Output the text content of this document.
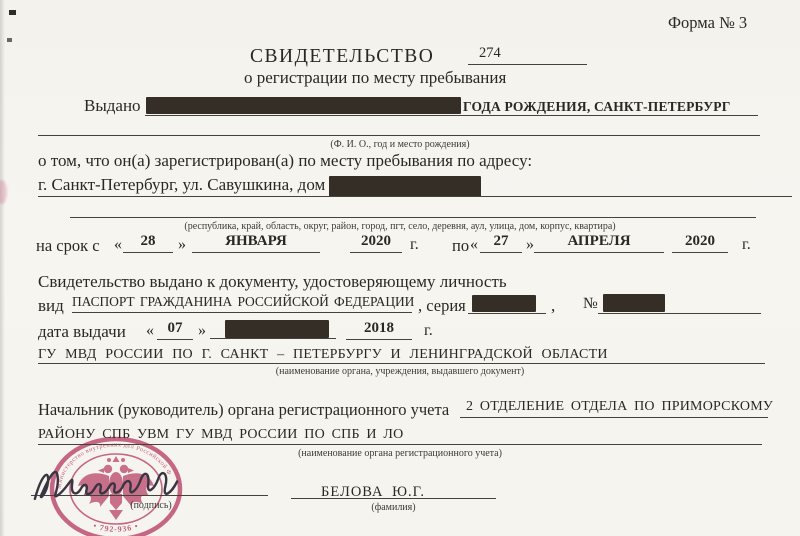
Форма № 3
СВИДЕТЕЛЬСТВО	274
о регистрации по месту пребывания
Выдано	ГОДА РОЖДЕНИЯ, САНКТ-ПЕТЕРБУРГ
(Ф. И. О., год и место рождения)
о том, что он(а) зарегистрирован(а) по месту пребывания по адресу:
г. Санкт-Петербург, ул. Савушкина, дом
(республика, край, область, округ, район, город, пгт, село, деревня, аул, улица, дом, корпус, квартира)
на срок с «	28	»	ЯНВАРЯ	2020	г. по «	27	»	АПРЕЛЯ	2020	г.
Свидетельство выдано к документу, удостоверяющему личность
вид ПАСПОРТ ГРАЖДАНИНА РОССИЙСКОЙ ФЕДЕРАЦИИ , серия	, №
дата выдачи « 07 »	2018	г.
ГУ МВД РОССИИ ПО Г. САНКТ – ПЕТЕРБУРГУ И ЛЕНИНГРАДСКОЙ ОБЛАСТИ
(наименование органа, учреждения, выдавшего документ)
Начальник (руководитель) органа регистрационного учета	2 ОТДЕЛЕНИЕ ОТДЕЛА ПО ПРИМОРСКОМУ
РАЙОНУ СПБ УВМ ГУ МВД РОССИИ ПО СПБ И ЛО
(наименование органа регистрационного учета)
Министерство внутренних дел Российской Ф
• 792-936 •
(подпись)
БЕЛОВА Ю.Г.
(фамилия)
